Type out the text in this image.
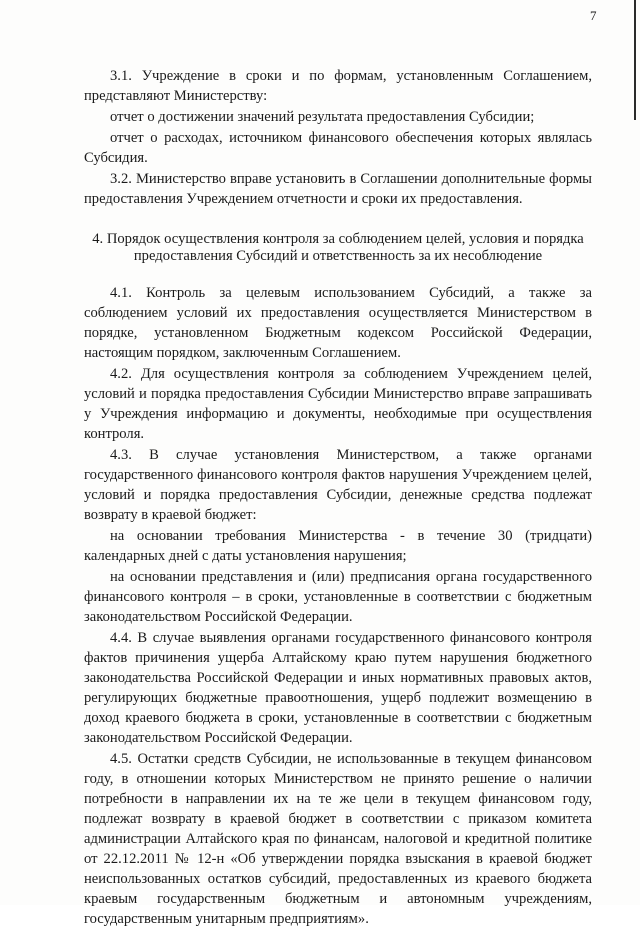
7

3.1. Учреждение в сроки и по формам, установленным Соглашением, представляют Министерству:

отчет о достижении значений результата предоставления Субсидии;

отчет о расходах, источником финансового обеспечения которых являлась Субсидия.

3.2. Министерство вправе установить в Соглашении дополнительные формы предоставления Учреждением отчетности и сроки их предоставления.

4. Порядок осуществления контроля за соблюдением целей, условия и порядка предоставления Субсидий и ответственность за их несоблюдение

4.1. Контроль за целевым использованием Субсидий, а также за соблюдением условий их предоставления осуществляется Министерством в порядке, установленном Бюджетным кодексом Российской Федерации, настоящим порядком, заключенным Соглашением.

4.2. Для осуществления контроля за соблюдением Учреждением целей, условий и порядка предоставления Субсидии Министерство вправе запрашивать у Учреждения информацию и документы, необходимые при осуществления контроля.

4.3. В случае установления Министерством, а также органами государственного финансового контроля фактов нарушения Учреждением целей, условий и порядка предоставления Субсидии, денежные средства подлежат возврату в краевой бюджет:

на основании требования Министерства - в течение 30 (тридцати) календарных дней с даты установления нарушения;

на основании представления и (или) предписания органа государственного финансового контроля – в сроки, установленные в соответствии с бюджетным законодательством Российской Федерации.

4.4. В случае выявления органами государственного финансового контроля фактов причинения ущерба Алтайскому краю путем нарушения бюджетного законодательства Российской Федерации и иных нормативных правовых актов, регулирующих бюджетные правоотношения, ущерб подлежит возмещению в доход краевого бюджета в сроки, установленные в соответствии с бюджетным законодательством Российской Федерации.

4.5. Остатки средств Субсидии, не использованные в текущем финансовом году, в отношении которых Министерством не принято решение о наличии потребности в направлении их на те же цели в текущем финансовом году, подлежат возврату в краевой бюджет в соответствии с приказом комитета администрации Алтайского края по финансам, налоговой и кредитной политике от 22.12.2011 № 12-н «Об утверждении порядка взыскания в краевой бюджет неиспользованных остатков субсидий, предоставленных из краевого бюджета краевым государственным бюджетным и автономным учреждениям, государственным унитарным предприятиям».
